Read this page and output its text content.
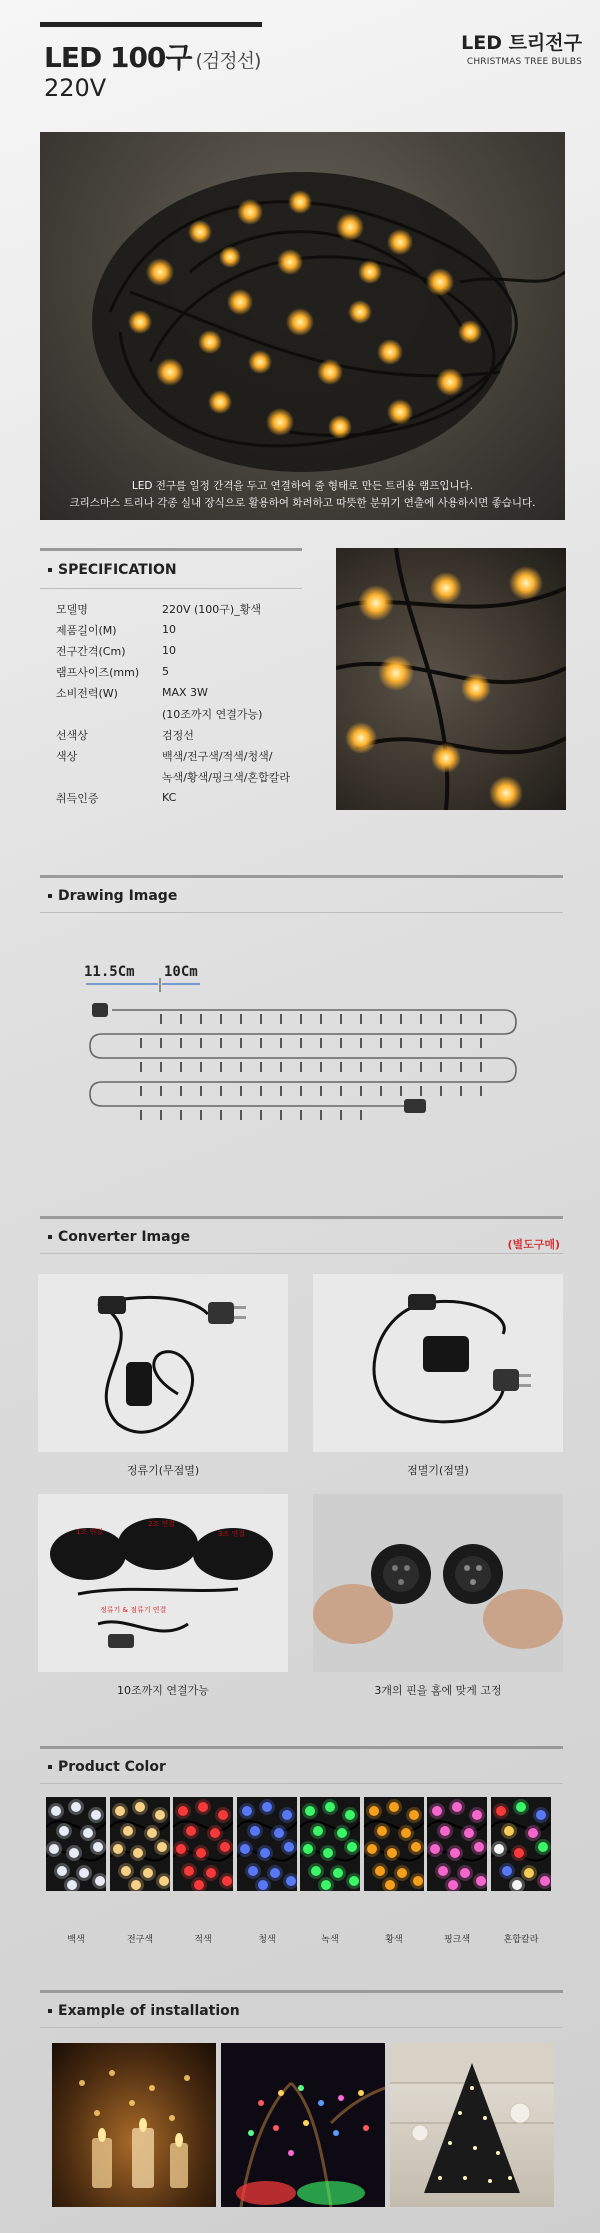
LED 100구 (검정선)
220V
LED 트리전구
CHRISTMAS TREE BULBS
LED 전구를 일정 간격을 두고 연결하여 줄 형태로 만든 트리용 램프입니다.
크리스마스 트리나 각종 실내 장식으로 활용하여 화려하고 따뜻한 분위기 연출에 사용하시면 좋습니다.
SPECIFICATION
모델명	220V (100구)_황색
제품길이(M)	10
전구간격(Cm)	10
램프사이즈(mm)	5
소비전력(W)	MAX 3W
(10조까지 연결가능)
선색상	검정선
색상	백색/전구색/적색/청색/
녹색/황색/핑크색/혼합칼라
취득인증	KC
Drawing Image
11.5Cm 10Cm
Converter Image	(별도구매)
정류기(무점멸)	점멸기(점멸)
1조 연결
2조 연결
3조 연결
정류기 & 점류기 연결
10조까지 연결가능	3개의 핀을 홈에 맞게 고정
Product Color
백색	전구색	적색	청색	녹색	황색	핑크색	혼합칼라
Example of installation
